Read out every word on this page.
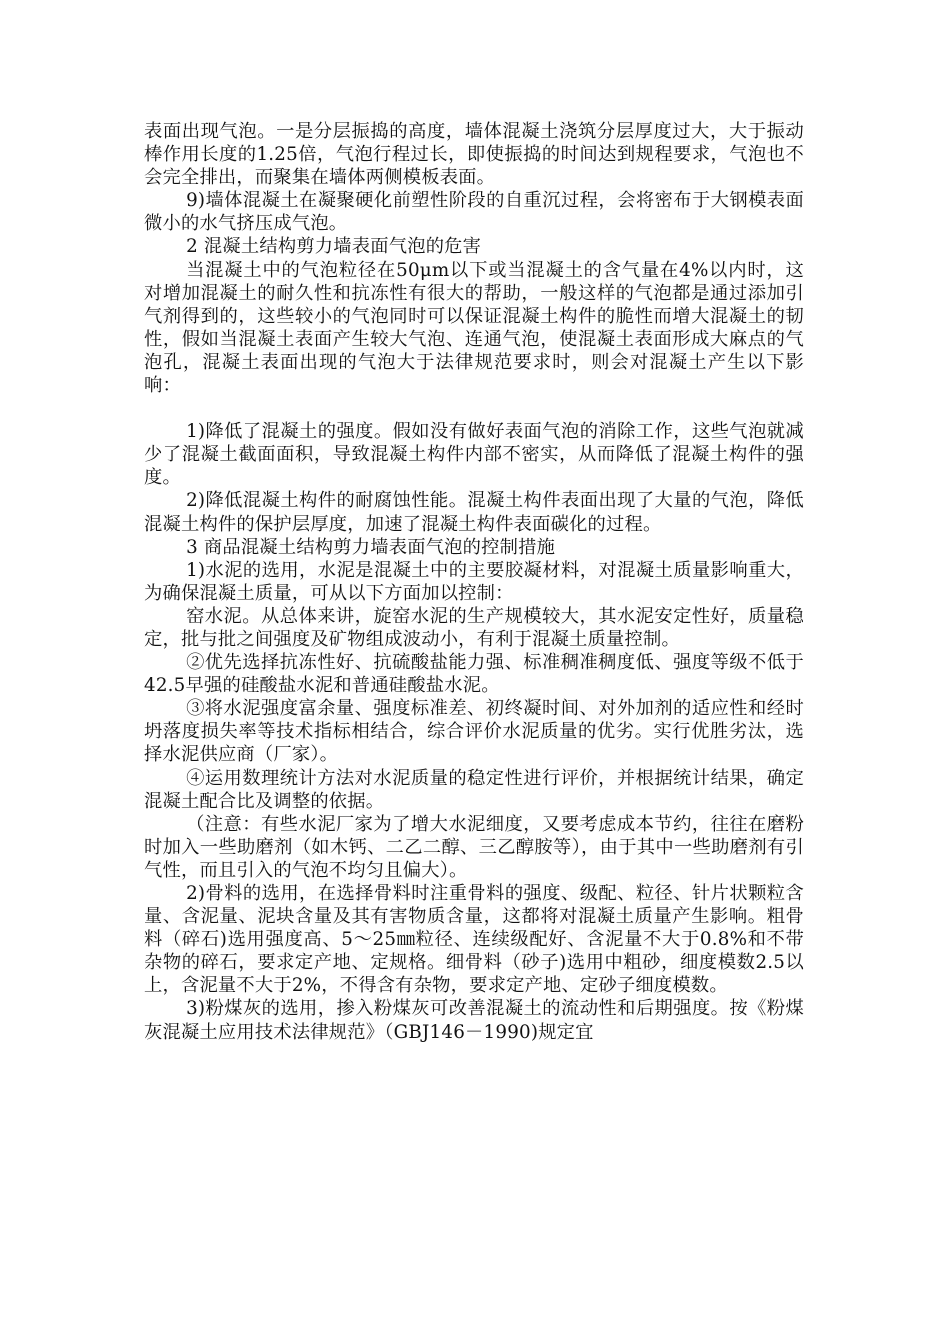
表面出现气泡。一是分层振捣的高度，墙体混凝土浇筑分层厚度过大，大于振动棒作用长度的1.25倍，气泡行程过长，即使振捣的时间达到规程要求，气泡也不会完全排出，而聚集在墙体两侧模板表面。

9)墙体混凝土在凝聚硬化前塑性阶段的自重沉过程，会将密布于大钢模表面微小的水气挤压成气泡。

2 混凝土结构剪力墙表面气泡的危害

当混凝土中的气泡粒径在50μm以下或当混凝土的含气量在4%以内时，这对增加混凝土的耐久性和抗冻性有很大的帮助，一般这样的气泡都是通过添加引气剂得到的，这些较小的气泡同时可以保证混凝土构件的脆性而增大混凝土的韧性，假如当混凝土表面产生较大气泡、连通气泡，使混凝土表面形成大麻点的气泡孔，混凝土表面出现的气泡大于法律规范要求时，则会对混凝土产生以下影响：

1)降低了混凝土的强度。假如没有做好表面气泡的消除工作，这些气泡就减少了混凝土截面面积，导致混凝土构件内部不密实，从而降低了混凝土构件的强度。

2)降低混凝土构件的耐腐蚀性能。混凝土构件表面出现了大量的气泡，降低混凝土构件的保护层厚度，加速了混凝土构件表面碳化的过程。

3 商品混凝土结构剪力墙表面气泡的控制措施

1)水泥的选用，水泥是混凝土中的主要胶凝材料，对混凝土质量影响重大，为确保混凝土质量，可从以下方面加以控制：

窑水泥。从总体来讲，旋窑水泥的生产规模较大，其水泥安定性好，质量稳定，批与批之间强度及矿物组成波动小，有利于混凝土质量控制。

②优先选择抗冻性好、抗硫酸盐能力强、标准稠准稠度低、强度等级不低于42.5早强的硅酸盐水泥和普通硅酸盐水泥。

③将水泥强度富余量、强度标准差、初终凝时间、对外加剂的适应性和经时坍落度损失率等技术指标相结合，综合评价水泥质量的优劣。实行优胜劣汰，选择水泥供应商（厂家）。

④运用数理统计方法对水泥质量的稳定性进行评价，并根据统计结果，确定混凝土配合比及调整的依据。

（注意：有些水泥厂家为了增大水泥细度，又要考虑成本节约，往往在磨粉时加入一些助磨剂（如木钙、二乙二醇、三乙醇胺等），由于其中一些助磨剂有引气性，而且引入的气泡不均匀且偏大）。

2)骨料的选用，在选择骨料时注重骨料的强度、级配、粒径、针片状颗粒含量、含泥量、泥块含量及其有害物质含量，这都将对混凝土质量产生影响。粗骨料（碎石)选用强度高、5～25㎜粒径、连续级配好、含泥量不大于0.8%和不带杂物的碎石，要求定产地、定规格。细骨料（砂子)选用中粗砂，细度模数2.5以上，含泥量不大于2%，不得含有杂物，要求定产地、定砂子细度模数。

3)粉煤灰的选用，掺入粉煤灰可改善混凝土的流动性和后期强度。按《粉煤灰混凝土应用技术法律规范》（GBJ146－1990)规定宜
